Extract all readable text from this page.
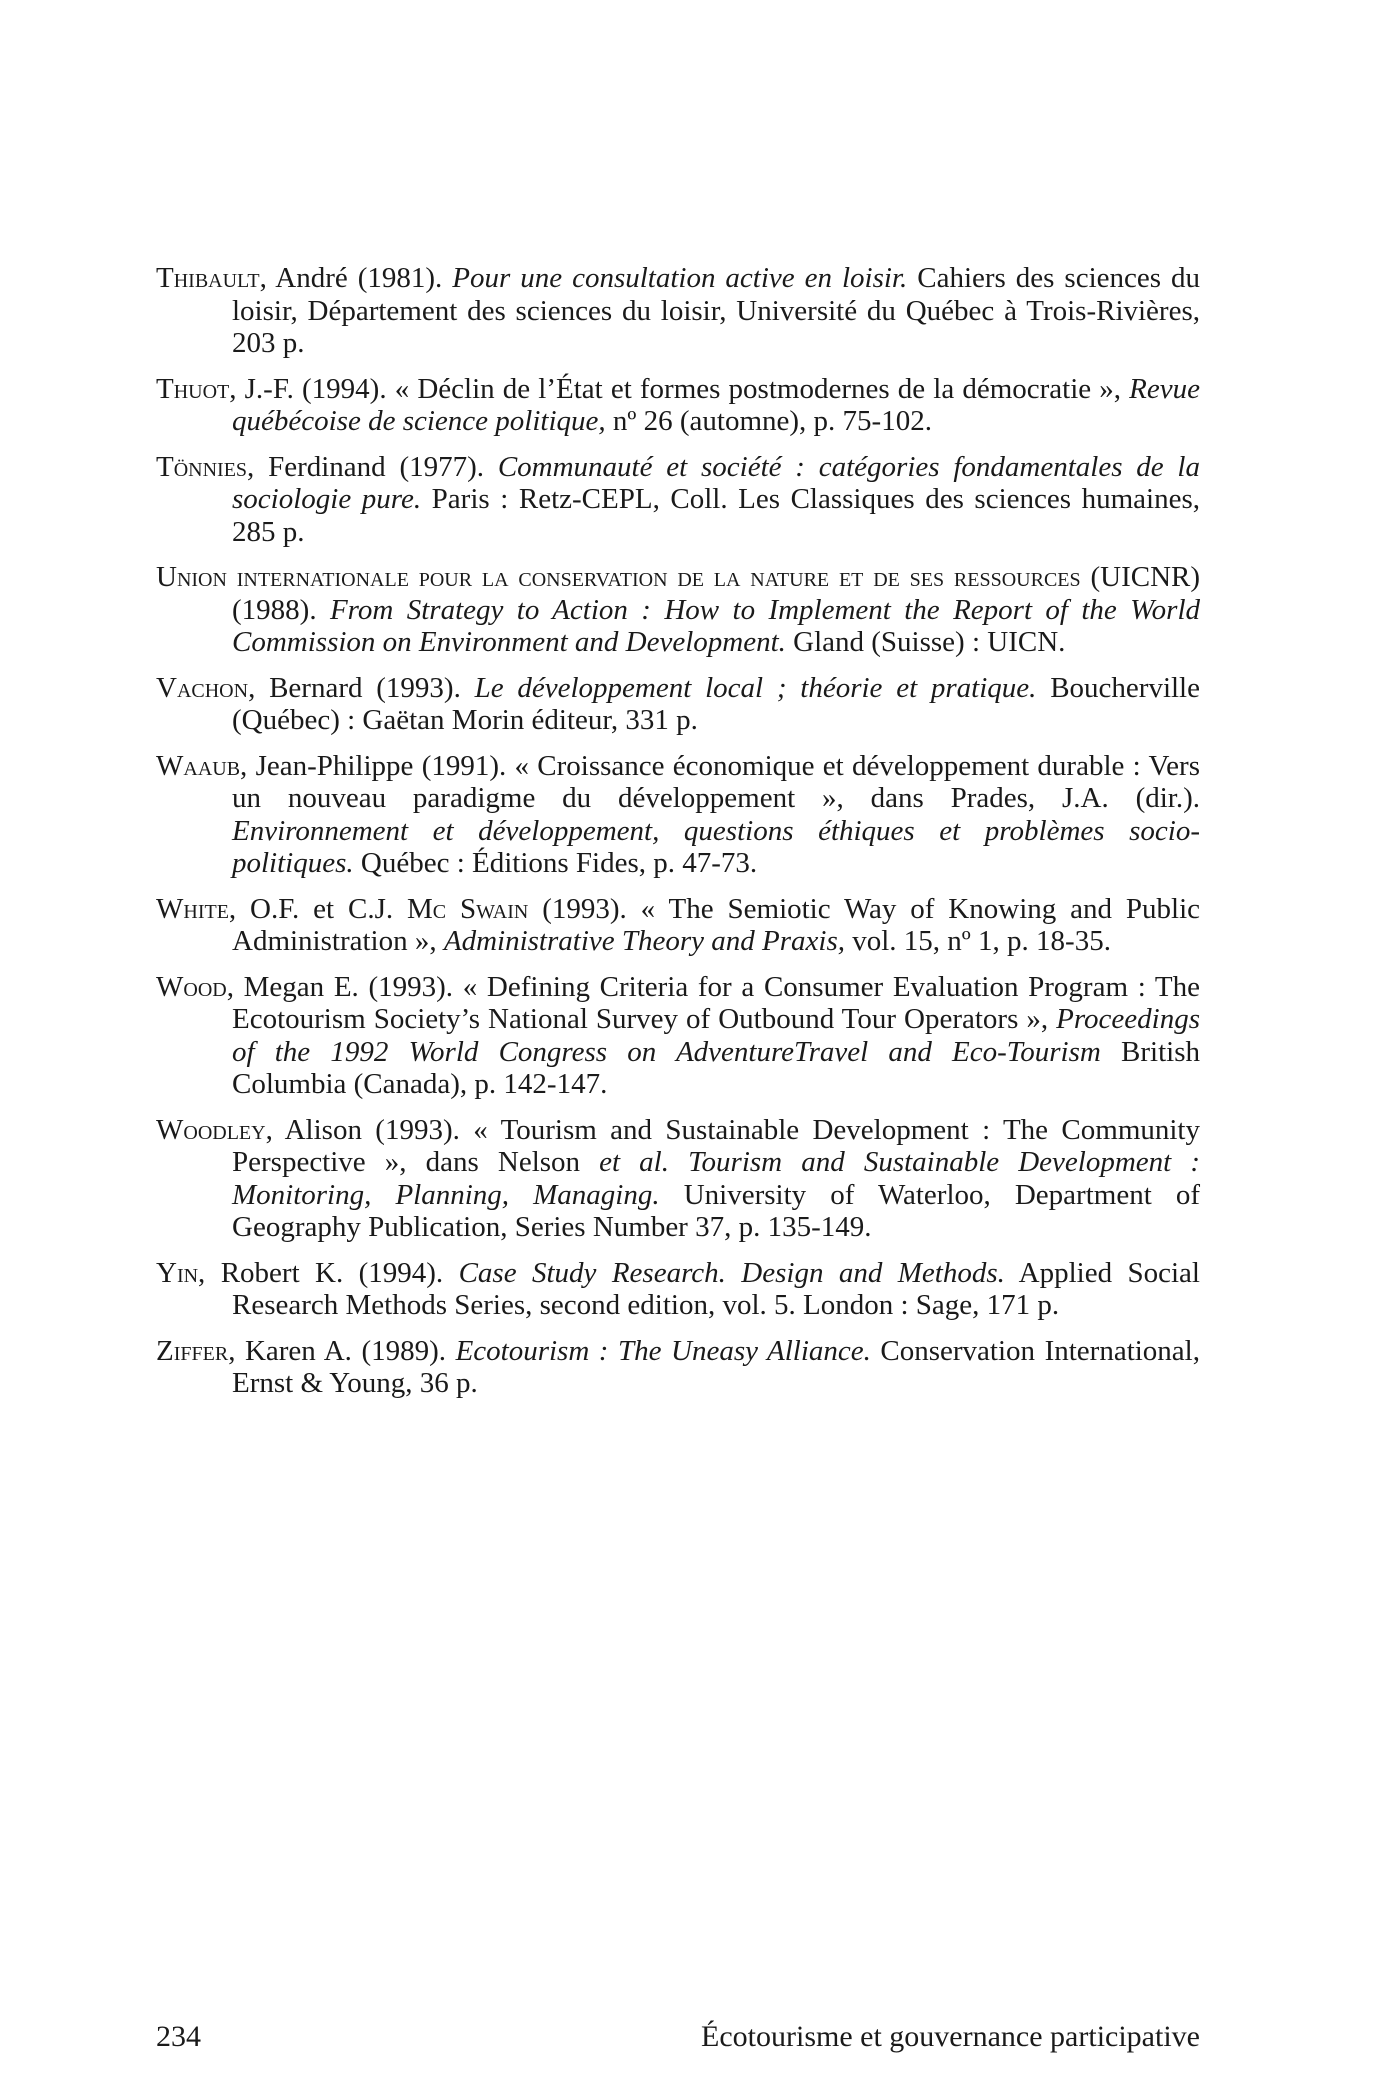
Thibault, André (1981). Pour une consultation active en loisir. Cahiers des sciences du loisir, Département des sciences du loisir, Université du Québec à Trois-Rivières, 203 p.

Thuot, J.-F. (1994). « Déclin de l’État et formes postmodernes de la démocratie », Revue québécoise de science politique, nº 26 (automne), p. 75-102.

Tönnies, Ferdinand (1977). Communauté et société : catégories fondamentales de la sociologie pure. Paris : Retz-CEPL, Coll. Les Classiques des sciences humaines, 285 p.

Union internationale pour la conservation de la nature et de ses ressources (UICNR) (1988). From Strategy to Action : How to Implement the Report of the World Commission on Environment and Development. Gland (Suisse) : UICN.

Vachon, Bernard (1993). Le développement local ; théorie et pratique. Boucherville (Québec) : Gaëtan Morin éditeur, 331 p.

Waaub, Jean-Philippe (1991). « Croissance économique et développement durable : Vers un nouveau paradigme du développement », dans Prades, J.A. (dir.). Environnement et développement, questions éthiques et problèmes socio-politiques. Québec : Éditions Fides, p. 47-73.

White, O.F. et C.J. Mc Swain (1993). « The Semiotic Way of Knowing and Public Administration », Administrative Theory and Praxis, vol. 15, nº 1, p. 18-35.

Wood, Megan E. (1993). « Defining Criteria for a Consumer Evaluation Program : The Ecotourism Society’s National Survey of Outbound Tour Operators », Proceedings of the 1992 World Congress on AdventureTravel and Eco-Tourism British Columbia (Canada), p. 142-147.

Woodley, Alison (1993). « Tourism and Sustainable Development : The Community Perspective », dans Nelson et al. Tourism and Sustainable Development : Monitoring, Planning, Managing. University of Waterloo, Department of Geography Publication, Series Number 37, p. 135-149.

Yin, Robert K. (1994). Case Study Research. Design and Methods. Applied Social Research Methods Series, second edition, vol. 5. London : Sage, 171 p.

Ziffer, Karen A. (1989). Ecotourism : The Uneasy Alliance. Conservation International, Ernst & Young, 36 p.

234	Écotourisme et gouvernance participative
